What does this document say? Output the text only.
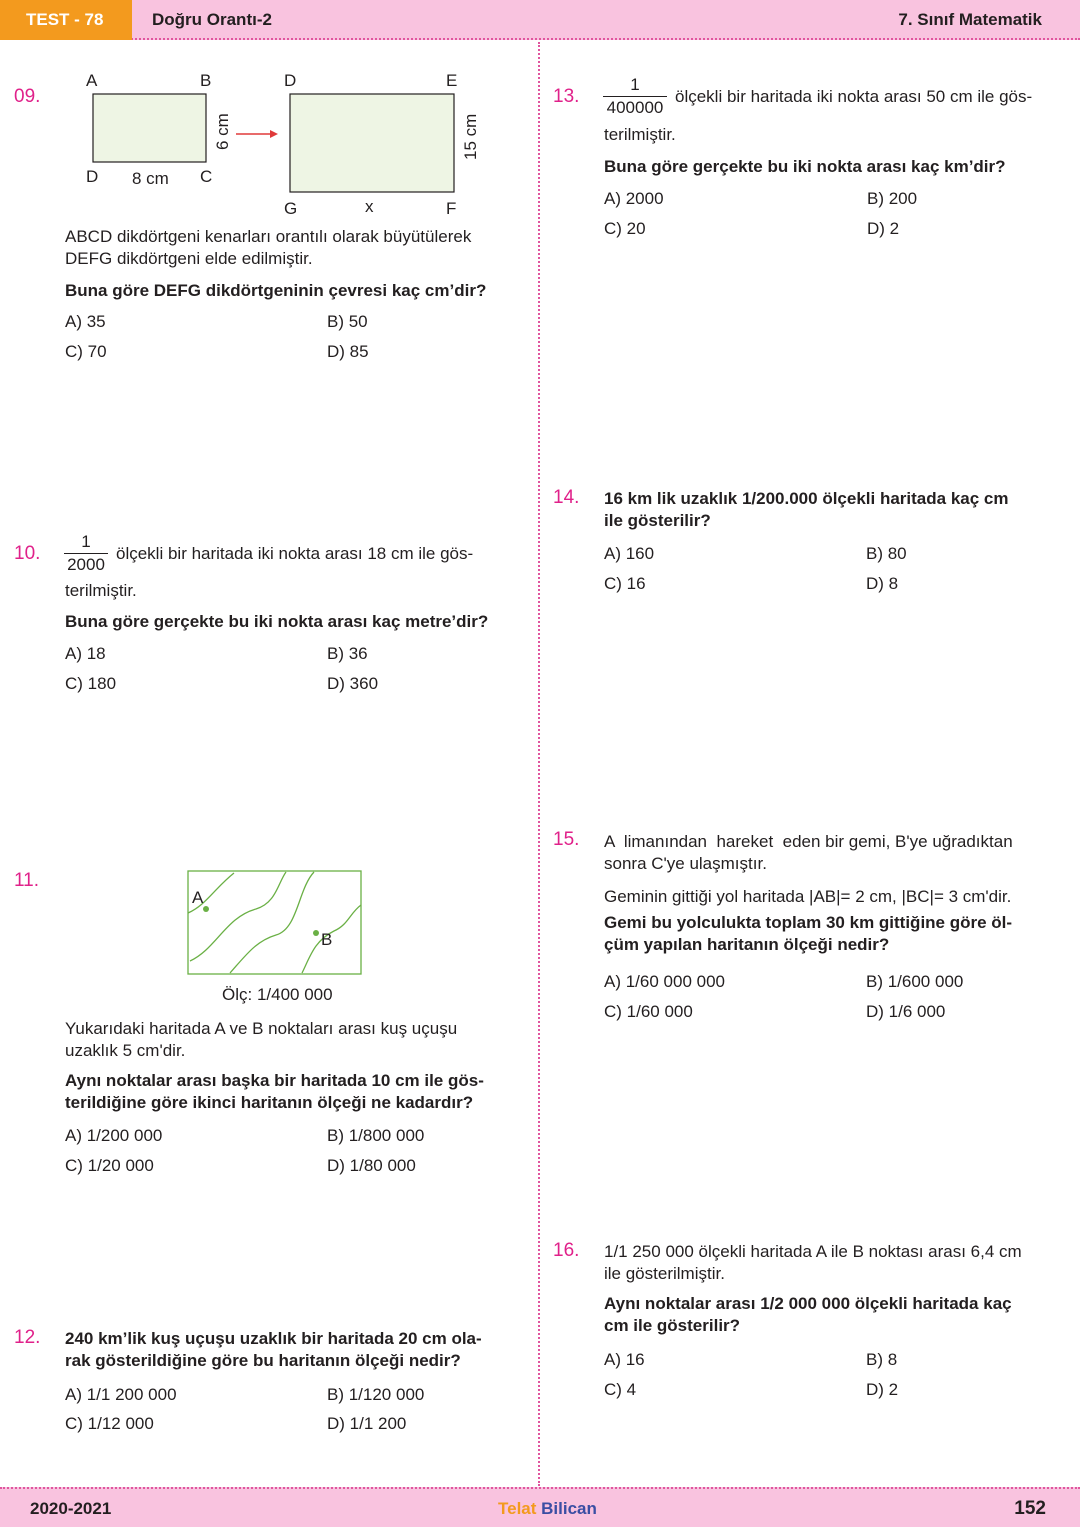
TEST - 78	Doğru Orantı-2	7. Sınıf Matematik
09.
A	B
D	C
8 cm
6 cm
D	E
G	x	F
15 cm
ABCD dikdörtgeni kenarları orantılı olarak büyütülerek DEFG dikdörtgeni elde edilmiştir.
Buna göre DEFG dikdörtgeninin çevresi kaç cm’dir?
A) 35	B) 50
C) 70	D) 85
10. $\frac{1}{2000}$ ölçekli bir haritada iki nokta arası 18 cm ile gös-
terilmiştir.
Buna göre gerçekte bu iki nokta arası kaç metre’dir?
A) 18	B) 36
C) 180	D) 360
11.
A
B
Ölç: 1/400 000
Yukarıdaki haritada A ve B noktaları arası kuş uçuşu uzaklık 5 cm'dir.
Aynı noktalar arası başka bir haritada 10 cm ile gös-
terildiğine göre ikinci haritanın ölçeği ne kadardır?
A) 1/200 000	B) 1/800 000
C) 1/20 000	D) 1/80 000
12. 240 km’lik kuş uçuşu uzaklık bir haritada 20 cm ola-
rak gösterildiğine göre bu haritanın ölçeği nedir?
A) 1/1 200 000	B) 1/120 000
C) 1/12 000	D) 1/1 200
13. $\frac{1}{400000}$ ölçekli bir haritada iki nokta arası 50 cm ile gös-
terilmiştir.
Buna göre gerçekte bu iki nokta arası kaç km’dir?
A) 2000	B) 200
C) 20	D) 2
14. 16 km lik uzaklık 1/200.000 ölçekli haritada kaç cm
ile gösterilir?
A) 160	B) 80
C) 16	D) 8
15. A  limanından  hareket  eden bir gemi, B'ye uğradıktan
sonra C'ye ulaşmıştır.
Geminin gittiği yol haritada |AB|= 2 cm, |BC|= 3 cm'dir.
Gemi bu yolculukta toplam 30 km gittiğine göre öl-
çüm yapılan haritanın ölçeği nedir?
A) 1/60 000 000	B) 1/600 000
C) 1/60 000	D) 1/6 000
16. 1/1 250 000 ölçekli haritada A ile B noktası arası 6,4 cm
ile gösterilmiştir.
Aynı noktalar arası 1/2 000 000 ölçekli haritada kaç
cm ile gösterilir?
A) 16	B) 8
C) 4	D) 2
2020-2021	Telat Bilican	152
